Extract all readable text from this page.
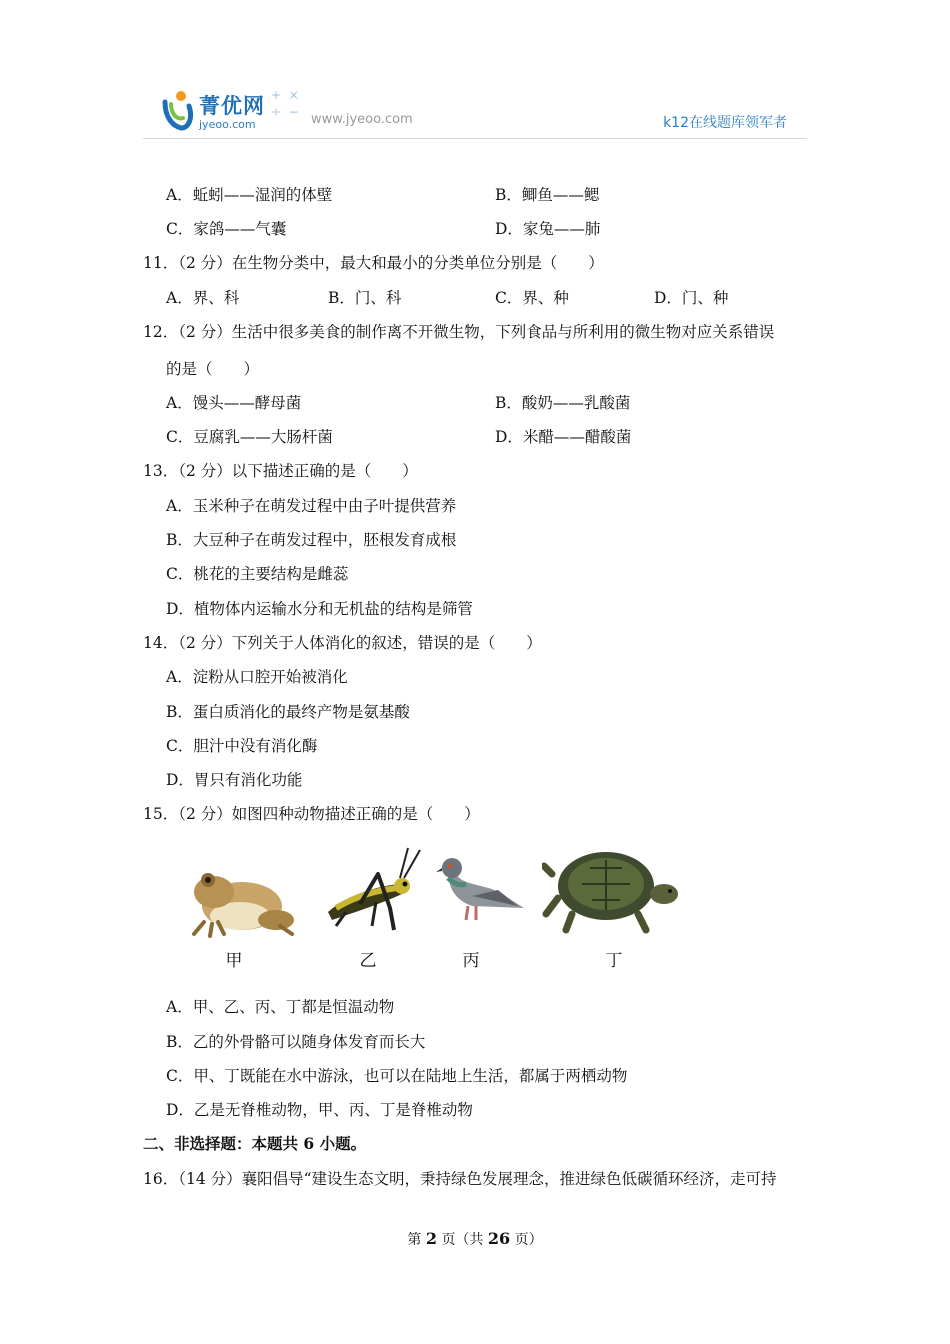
菁优网
jyeoo.com
+ ×
÷ − www.jyeoo.com	k12在线题库领军者
A．蚯蚓——湿润的体壁	B．鲫鱼——鳃
C．家鸽——气囊	D．家兔——肺
11．（2 分）在生物分类中，最大和最小的分类单位分别是（　　）
A．界、科	B．门、科	C．界、种	D．门、种
12．（2 分）生活中很多美食的制作离不开微生物，下列食品与所利用的微生物对应关系错误
的是（　　）
A．馒头——酵母菌	B．酸奶——乳酸菌
C．豆腐乳——大肠杆菌	D．米醋——醋酸菌
13．（2 分）以下描述正确的是（　　）
A．玉米种子在萌发过程中由子叶提供营养
B．大豆种子在萌发过程中，胚根发育成根
C．桃花的主要结构是雌蕊
D．植物体内运输水分和无机盐的结构是筛管
14．（2 分）下列关于人体消化的叙述，错误的是（　　）
A．淀粉从口腔开始被消化
B．蛋白质消化的最终产物是氨基酸
C．胆汁中没有消化酶
D．胃只有消化功能
15．（2 分）如图四种动物描述正确的是（　　）
甲	乙	丙	丁
A．甲、乙、丙、丁都是恒温动物
B．乙的外骨骼可以随身体发育而长大
C．甲、丁既能在水中游泳，也可以在陆地上生活，都属于两栖动物
D．乙是无脊椎动物，甲、丙、丁是脊椎动物
二、非选择题：本题共 6 小题。
16．（14 分）襄阳倡导“建设生态文明，秉持绿色发展理念，推进绿色低碳循环经济，走可持
第 2 页（共 26 页）
